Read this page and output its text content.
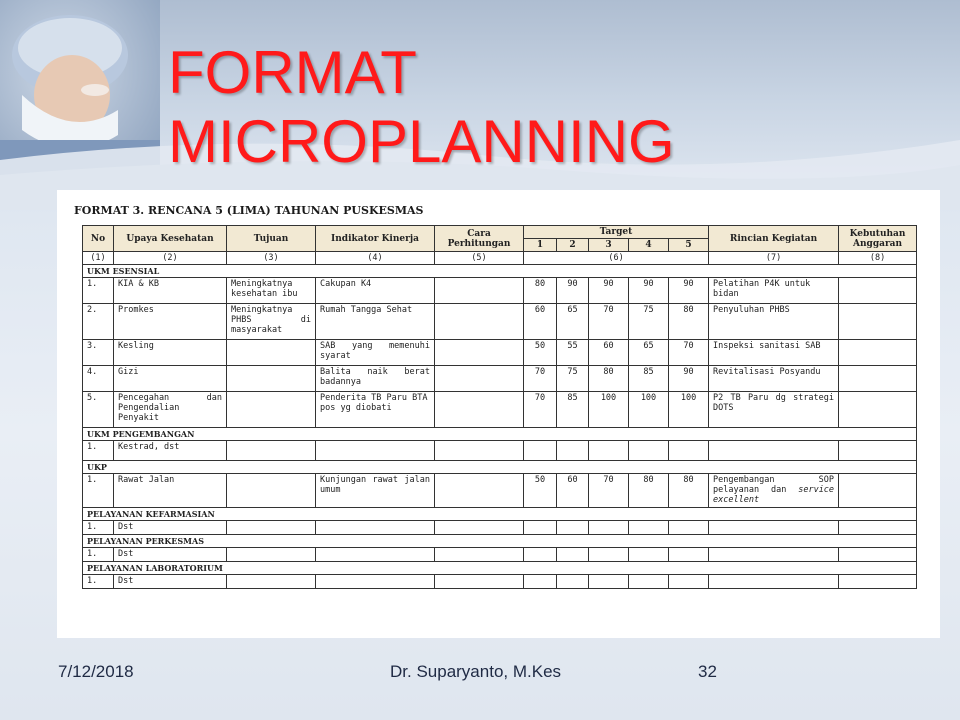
FORMAT MICROPLANNING
FORMAT 3. RENCANA 5 (LIMA) TAHUNAN PUSKESMAS
No	Upaya Kesehatan	Tujuan	Indikator Kinerja	Cara Perhitungan	Target					Rincian Kegiatan	Kebutuhan Anggaran
					1	2	3	4	5		
(1)	(2)	(3)	(4)	(5)	(6)					(7)	(8)
UKM ESENSIAL											
1.	KIA & KB	Meningkatnya kesehatan ibu	Cakupan K4		80	90	90	90	90	Pelatihan P4K untuk bidan	
2.	Promkes	Meningkatnya PHBS di masyarakat	Rumah Tangga Sehat		60	65	70	75	80	Penyuluhan PHBS	
3.	Kesling		SAB yang memenuhi syarat		50	55	60	65	70	Inspeksi sanitasi SAB	
4.	Gizi		Balita naik berat badannya		70	75	80	85	90	Revitalisasi Posyandu	
5.	Pencegahan dan Pengendalian Penyakit		Penderita TB Paru BTA pos yg diobati		70	85	100	100	100	P2 TB Paru dg strategi DOTS	
UKM PENGEMBANGAN											
1.	Kestrad, dst										
UKP											
1.	Rawat Jalan		Kunjungan rawat jalan umum		50	60	70	80	80	Pengembangan SOP pelayanan dan service excellent	
PELAYANAN KEFARMASIAN											
1.	Dst										
PELAYANAN PERKESMAS											
1.	Dst										
PELAYANAN LABORATORIUM											
1.	Dst										
7/12/2018	Dr. Suparyanto, M.Kes	32
